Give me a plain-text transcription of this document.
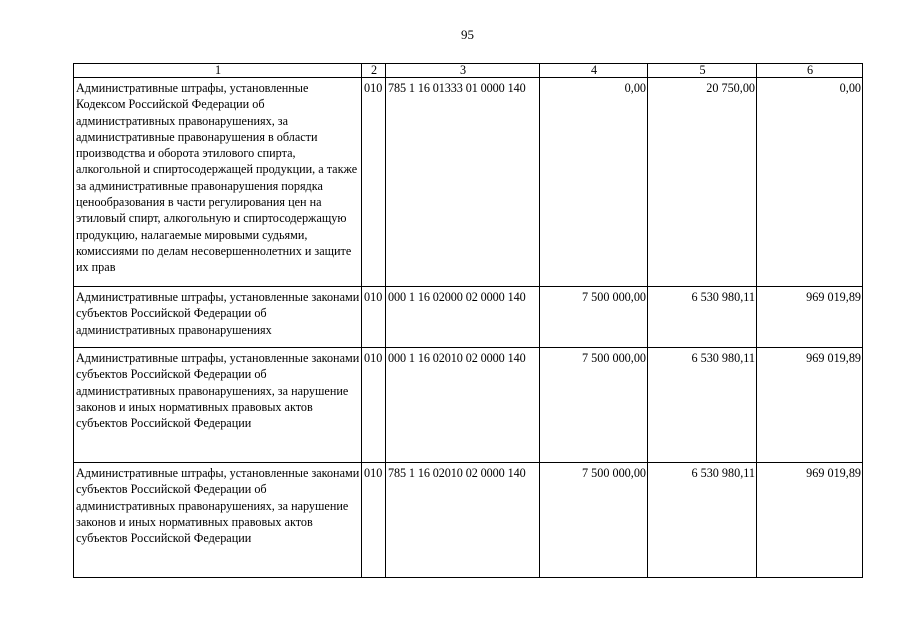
95
1	2	3	4	5	6
Административные штрафы, установленные Кодексом Российской Федерации об административных правонарушениях, за административные правонарушения в области производства и оборота этилового спирта, алкогольной и спиртосодержащей продукции, а также за административные правонарушения порядка ценообразования в части регулирования цен на этиловый спирт, алкогольную и спиртосодержащую продукцию, налагаемые мировыми судьями, комиссиями по делам несовершеннолетних и защите их прав	010	785 1 16 01333 01 0000 140	0,00	20 750,00	0,00
Административные штрафы, установленные законами субъектов Российской Федерации об административных правонарушениях	010	000 1 16 02000 02 0000 140	7 500 000,00	6 530 980,11	969 019,89
Административные штрафы, установленные законами субъектов Российской Федерации об административных правонарушениях, за нарушение законов и иных нормативных правовых актов субъектов Российской Федерации	010	000 1 16 02010 02 0000 140	7 500 000,00	6 530 980,11	969 019,89
Административные штрафы, установленные законами субъектов Российской Федерации об административных правонарушениях, за нарушение законов и иных нормативных правовых актов субъектов Российской Федерации	010	785 1 16 02010 02 0000 140	7 500 000,00	6 530 980,11	969 019,89
